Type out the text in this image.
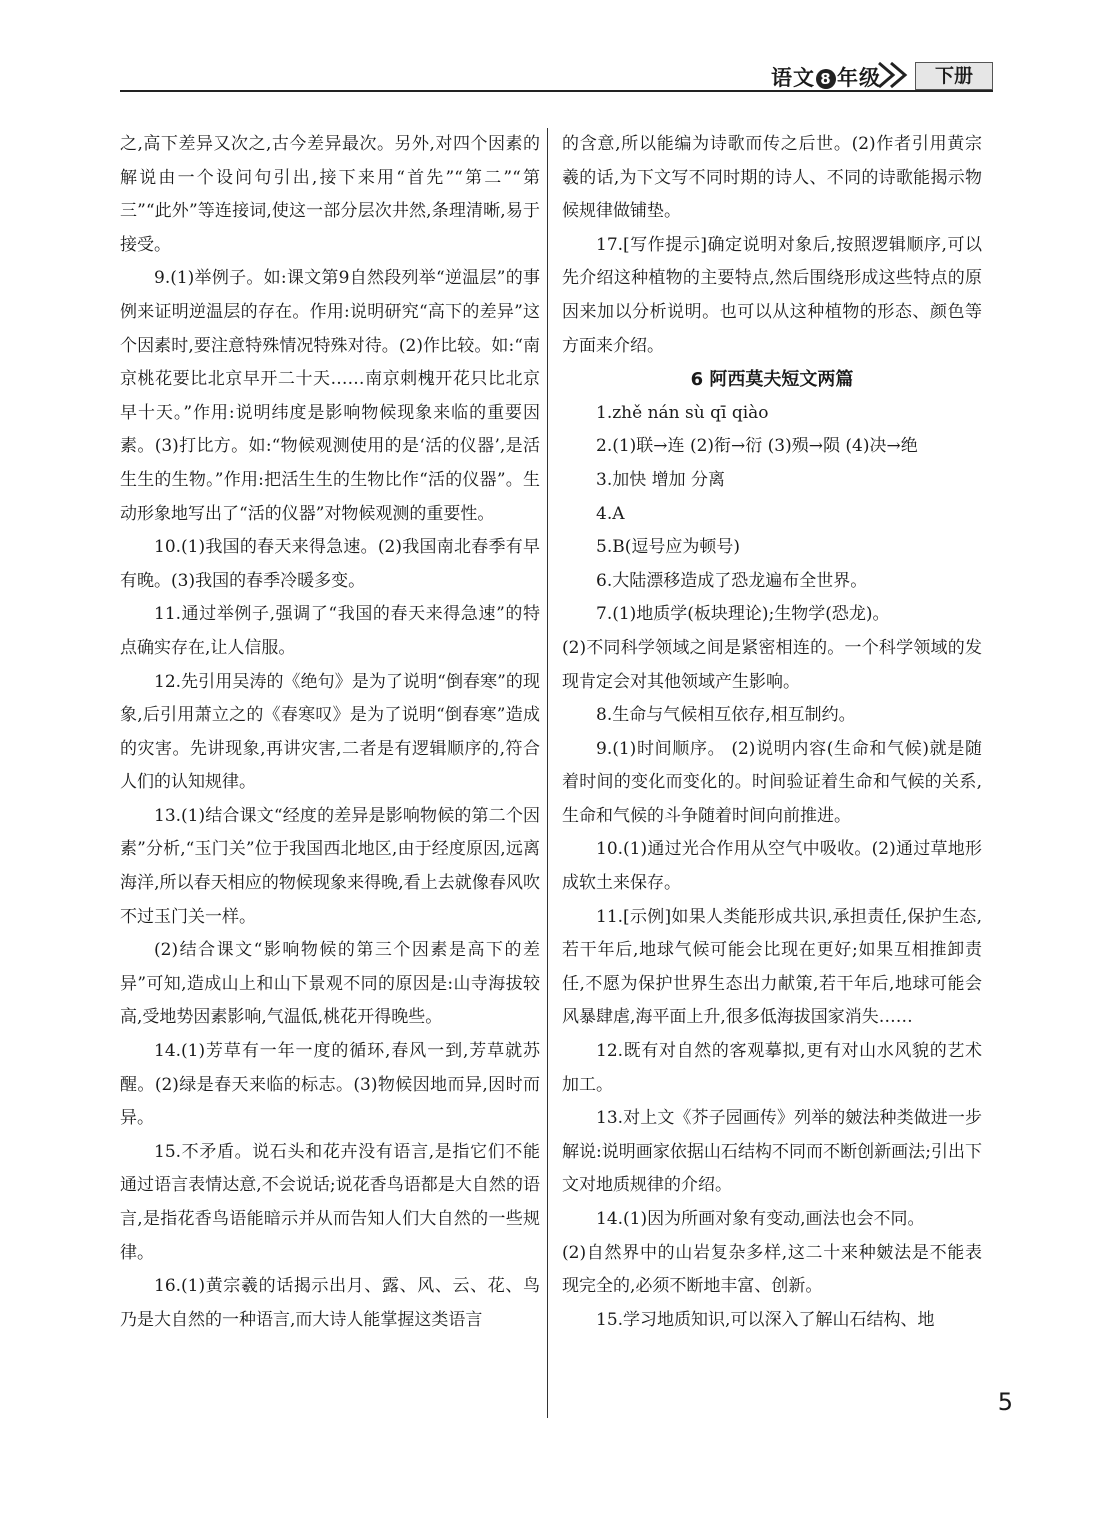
语文 8 年级	下册

之,高下差异又次之,古今差异最次。另外,对四个因素的解说由一个设问句引出,接下来用“首先”“第二”“第三”“此外”等连接词,使这一部分层次井然,条理清晰,易于接受。

9.(1)举例子。如:课文第9自然段列举“逆温层”的事例来证明逆温层的存在。作用:说明研究“高下的差异”这个因素时,要注意特殊情况特殊对待。(2)作比较。如:“南京桃花要比北京早开二十天……南京刺槐开花只比北京早十天。”作用:说明纬度是影响物候现象来临的重要因素。(3)打比方。如:“物候观测使用的是‘活的仪器’,是活生生的生物。”作用:把活生生的生物比作“活的仪器”。生动形象地写出了“活的仪器”对物候观测的重要性。

10.(1)我国的春天来得急速。(2)我国南北春季有早有晚。(3)我国的春季冷暖多变。

11.通过举例子,强调了“我国的春天来得急速”的特点确实存在,让人信服。

12.先引用吴涛的《绝句》是为了说明“倒春寒”的现象,后引用萧立之的《春寒叹》是为了说明“倒春寒”造成的灾害。先讲现象,再讲灾害,二者是有逻辑顺序的,符合人们的认知规律。

13.(1)结合课文“经度的差异是影响物候的第二个因素”分析,“玉门关”位于我国西北地区,由于经度原因,远离海洋,所以春天相应的物候现象来得晚,看上去就像春风吹不过玉门关一样。

(2)结合课文“影响物候的第三个因素是高下的差异”可知,造成山上和山下景观不同的原因是:山寺海拔较高,受地势因素影响,气温低,桃花开得晚些。

14.(1)芳草有一年一度的循环,春风一到,芳草就苏醒。(2)绿是春天来临的标志。(3)物候因地而异,因时而异。

15.不矛盾。说石头和花卉没有语言,是指它们不能通过语言表情达意,不会说话;说花香鸟语都是大自然的语言,是指花香鸟语能暗示并从而告知人们大自然的一些规律。

16.(1)黄宗羲的话揭示出月、露、风、云、花、鸟乃是大自然的一种语言,而大诗人能掌握这类语言

的含意,所以能编为诗歌而传之后世。(2)作者引用黄宗羲的话,为下文写不同时期的诗人、不同的诗歌能揭示物候规律做铺垫。

17.[写作提示]确定说明对象后,按照逻辑顺序,可以先介绍这种植物的主要特点,然后围绕形成这些特点的原因来加以分析说明。也可以从这种植物的形态、颜色等方面来介绍。

6 阿西莫夫短文两篇

1.zhě nán sù qī qiào

2.(1)联→连 (2)衔→衍 (3)殒→陨 (4)决→绝

3.加快 增加 分离

4.A

5.B(逗号应为顿号)

6.大陆漂移造成了恐龙遍布全世界。

7.(1)地质学(板块理论);生物学(恐龙)。

(2)不同科学领域之间是紧密相连的。一个科学领域的发现肯定会对其他领域产生影响。

8.生命与气候相互依存,相互制约。

9.(1)时间顺序。 (2)说明内容(生命和气候)就是随着时间的变化而变化的。时间验证着生命和气候的关系,生命和气候的斗争随着时间向前推进。

10.(1)通过光合作用从空气中吸收。(2)通过草地形成软土来保存。

11.[示例]如果人类能形成共识,承担责任,保护生态,若干年后,地球气候可能会比现在更好;如果互相推卸责任,不愿为保护世界生态出力献策,若干年后,地球可能会风暴肆虐,海平面上升,很多低海拔国家消失……

12.既有对自然的客观摹拟,更有对山水风貌的艺术加工。

13.对上文《芥子园画传》列举的皴法种类做进一步解说:说明画家依据山石结构不同而不断创新画法;引出下文对地质规律的介绍。

14.(1)因为所画对象有变动,画法也会不同。

(2)自然界中的山岩复杂多样,这二十来种皴法是不能表现完全的,必须不断地丰富、创新。

15.学习地质知识,可以深入了解山石结构、地

5
